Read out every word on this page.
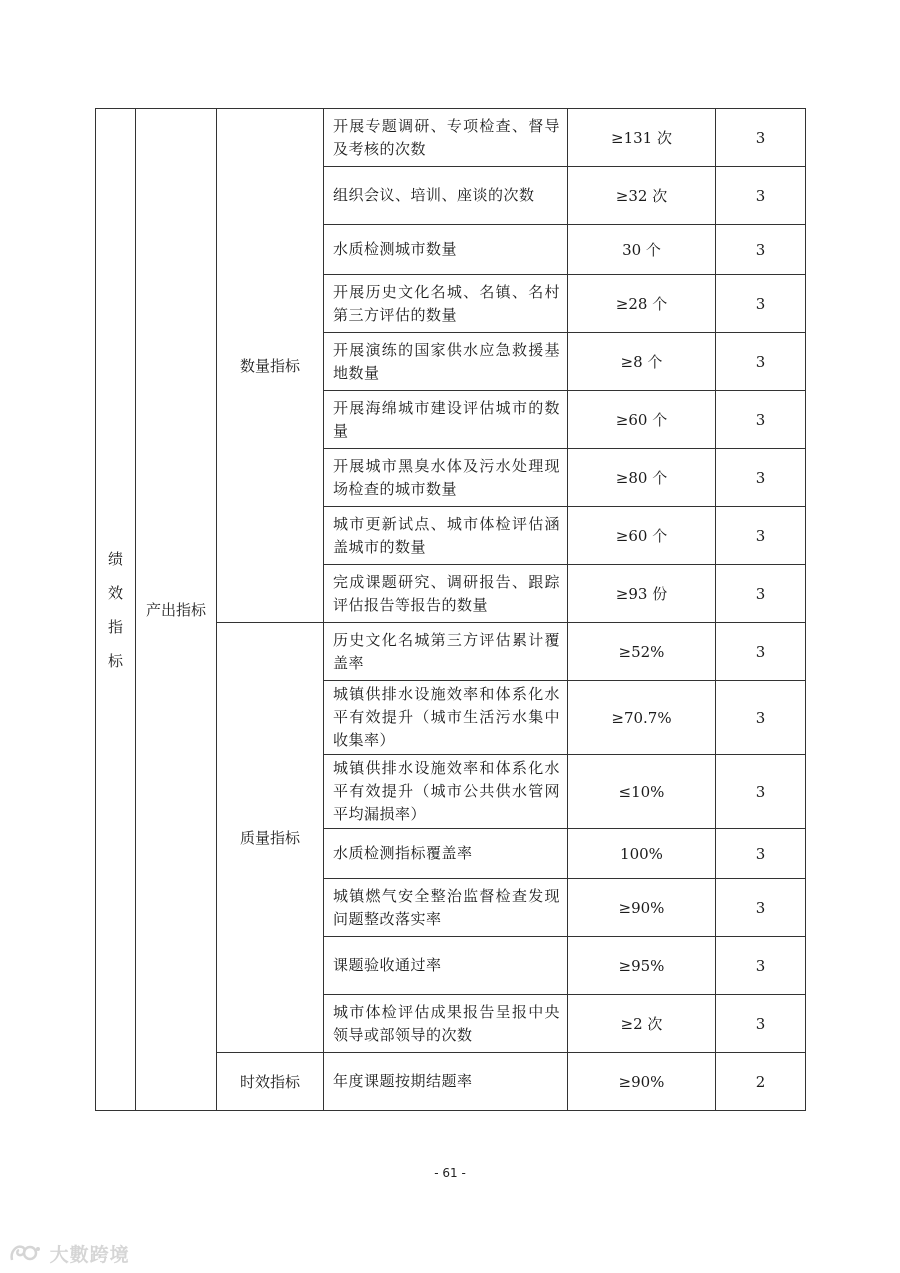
绩
效
指
标	产出指标	数量指标	开展专题调研、专项检查、督导及考核的次数	≥131 次	3
			组织会议、培训、座谈的次数	≥32 次	3
			水质检测城市数量	30 个	3
			开展历史文化名城、名镇、名村第三方评估的数量	≥28 个	3
			开展演练的国家供水应急救援基地数量	≥8 个	3
			开展海绵城市建设评估城市的数量	≥60 个	3
			开展城市黑臭水体及污水处理现场检查的城市数量	≥80 个	3
			城市更新试点、城市体检评估涵盖城市的数量	≥60 个	3
			完成课题研究、调研报告、跟踪评估报告等报告的数量	≥93 份	3
		质量指标	历史文化名城第三方评估累计覆盖率	≥52%	3
			城镇供排水设施效率和体系化水平有效提升（城市生活污水集中收集率）	≥70.7%	3
			城镇供排水设施效率和体系化水平有效提升（城市公共供水管网平均漏损率）	≤10%	3
			水质检测指标覆盖率	100%	3
			城镇燃气安全整治监督检查发现问题整改落实率	≥90%	3
			课题验收通过率	≥95%	3
			城市体检评估成果报告呈报中央领导或部领导的次数	≥2 次	3
		时效指标	年度课题按期结题率	≥90%	2
- 61 -
大數跨境
